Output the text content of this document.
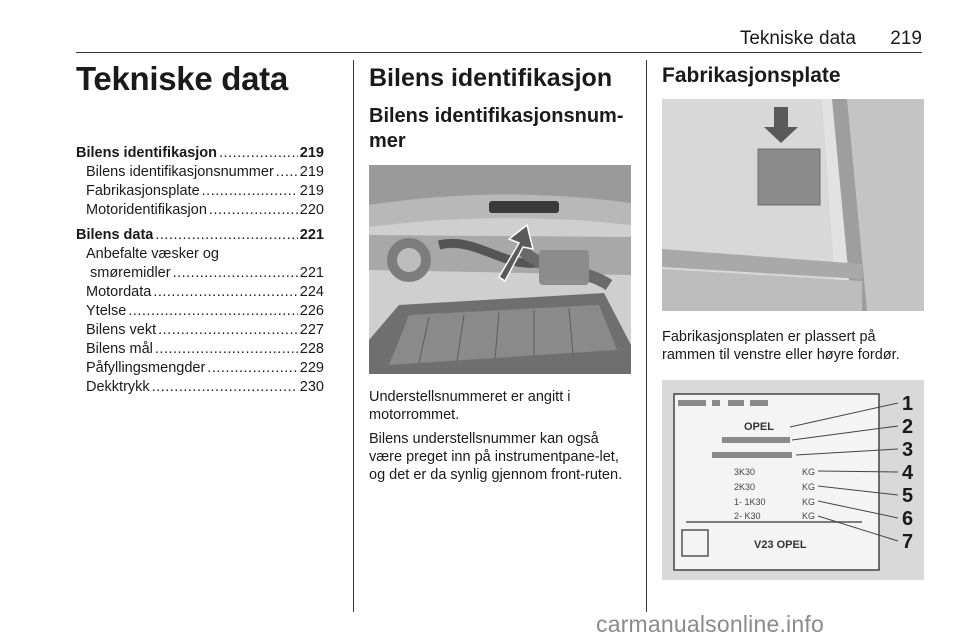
Tekniske data 219
Tekniske data
Bilens identifikasjon .....	219
Bilens identifikasjonsnummer ..... 219
Fabrikasjonsplate .....	219
Motoridentifikasjon .....	220
Bilens data .....	221
Anbefalte væsker og
smøremidler .....	221
Motordata .....	224
Ytelse .....	226
Bilens vekt .....	227
Bilens mål .....	228
Påfyllingsmengder .....	229
Dekktrykk .....	230
Bilens identifikasjon
Bilens identifikasjonsnum-
mer
Understellsnummeret er angitt i motorrommet.
Bilens understellsnummer kan også være preget inn på instrumentpane-let, og det er da synlig gjennom front-ruten.
Fabrikasjonsplate
Fabrikasjonsplaten er plassert på rammen til venstre eller høyre fordør.
OPEL
3K30	KG
2K30	KG
1- 1K30	KG
2- K30	KG
V23 OPEL
1
2
3
4
5
6
7
carmanualsonline.info
